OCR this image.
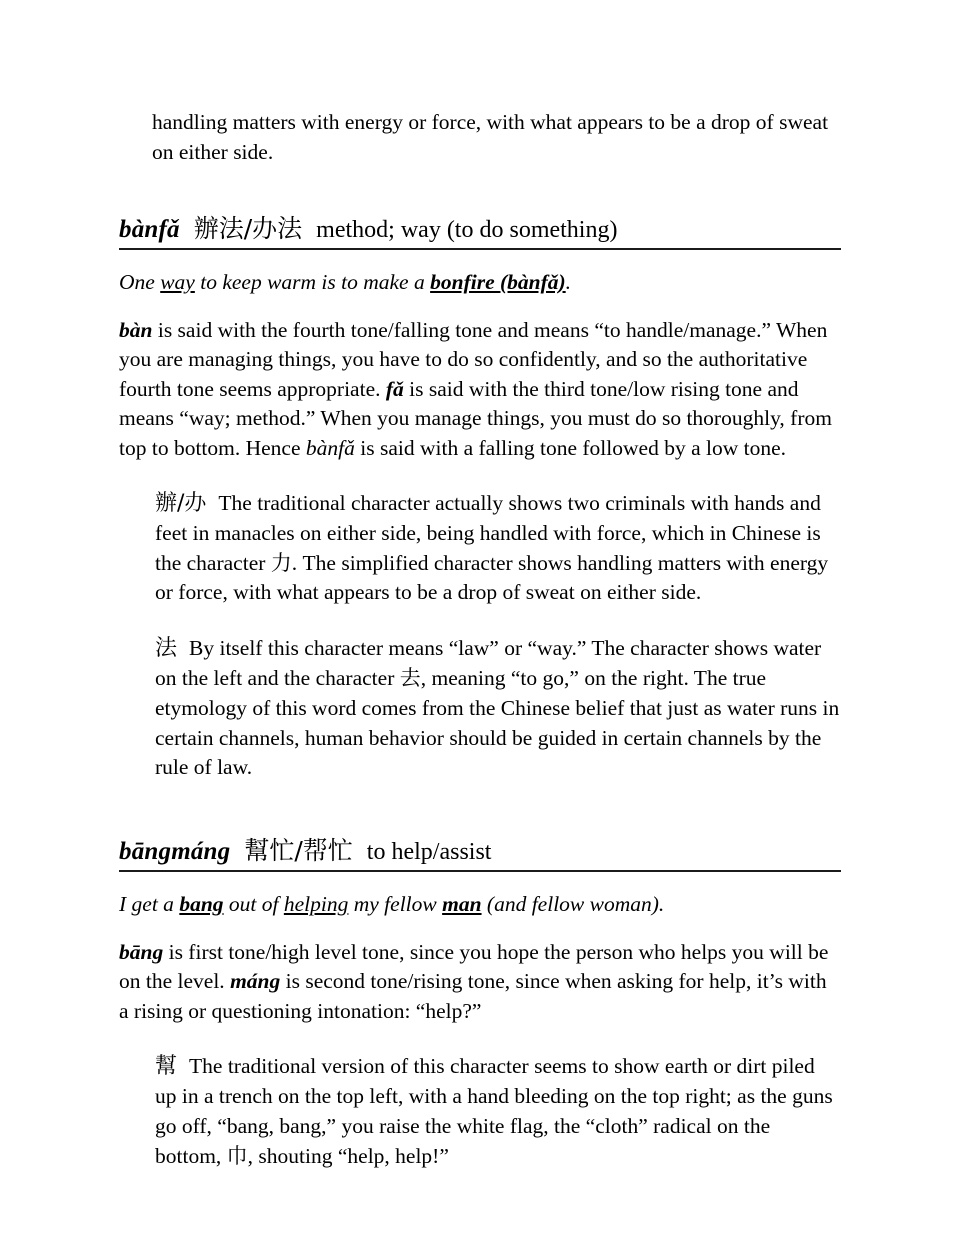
handling matters with energy or force, with what appears to be a drop of sweat on either side.

bànfǎ 辦法/办法 method; way (to do something)

One way to keep warm is to make a bonfire (bànfǎ).

bàn is said with the fourth tone/falling tone and means “to handle/manage.” When you are managing things, you have to do so confidently, and so the authoritative fourth tone seems appropriate. fǎ is said with the third tone/low rising tone and means “way; method.” When you manage things, you must do so thoroughly, from top to bottom. Hence bànfǎ is said with a falling tone followed by a low tone.

辦/办 The traditional character actually shows two criminals with hands and feet in manacles on either side, being handled with force, which in Chinese is the character 力. The simplified character shows handling matters with energy or force, with what appears to be a drop of sweat on either side.

法 By itself this character means “law” or “way.” The character shows water on the left and the character 去, meaning “to go,” on the right. The true etymology of this word comes from the Chinese belief that just as water runs in certain channels, human behavior should be guided in certain channels by the rule of law.

bāngmáng 幫忙/帮忙 to help/assist

I get a bang out of helping my fellow man (and fellow woman).

bāng is first tone/high level tone, since you hope the person who helps you will be on the level. máng is second tone/rising tone, since when asking for help, it’s with a rising or questioning intonation: “help?”

幫 The traditional version of this character seems to show earth or dirt piled up in a trench on the top left, with a hand bleeding on the top right; as the guns go off, “bang, bang,” you raise the white flag, the “cloth” radical on the bottom, 巾, shouting “help, help!”
